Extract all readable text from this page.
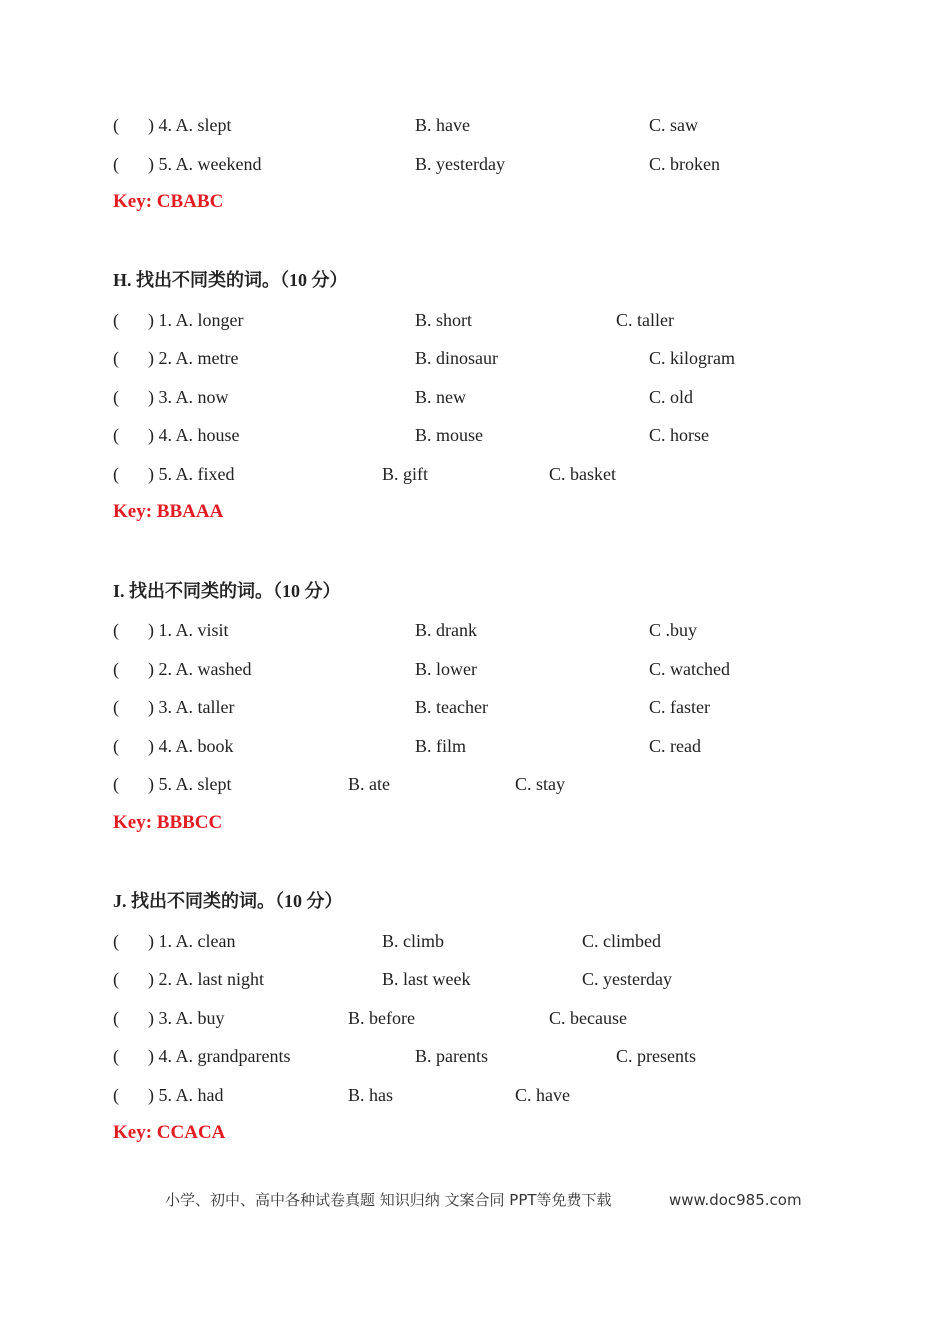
( ) 4. A. slept	B. have	C. saw
( ) 5. A. weekend	B. yesterday	C. broken
Key: CBABC
H. 找出不同类的词。（10 分）
( ) 1. A. longer	B. short	C. taller
( ) 2. A. metre	B. dinosaur	C. kilogram
( ) 3. A. now	B. new	C. old
( ) 4. A. house	B. mouse	C. horse
( ) 5. A. fixed	B. gift	C. basket
Key: BBAAA
I. 找出不同类的词。（10 分）
( ) 1. A. visit	B. drank	C .buy
( ) 2. A. washed	B. lower	C. watched
( ) 3. A. taller	B. teacher	C. faster
( ) 4. A. book	B. film	C. read
( ) 5. A. slept	B. ate	C. stay
Key: BBBCC
J. 找出不同类的词。（10 分）
( ) 1. A. clean	B. climb	C. climbed
( ) 2. A. last night	B. last week	C. yesterday
( ) 3. A. buy	B. before	C. because
( ) 4. A. grandparents	B. parents	C. presents
( ) 5. A. had	B. has	C. have
Key: CCACA
小学、初中、高中各种试卷真题 知识归纳 文案合同 PPT等免费下载	www.doc985.com
